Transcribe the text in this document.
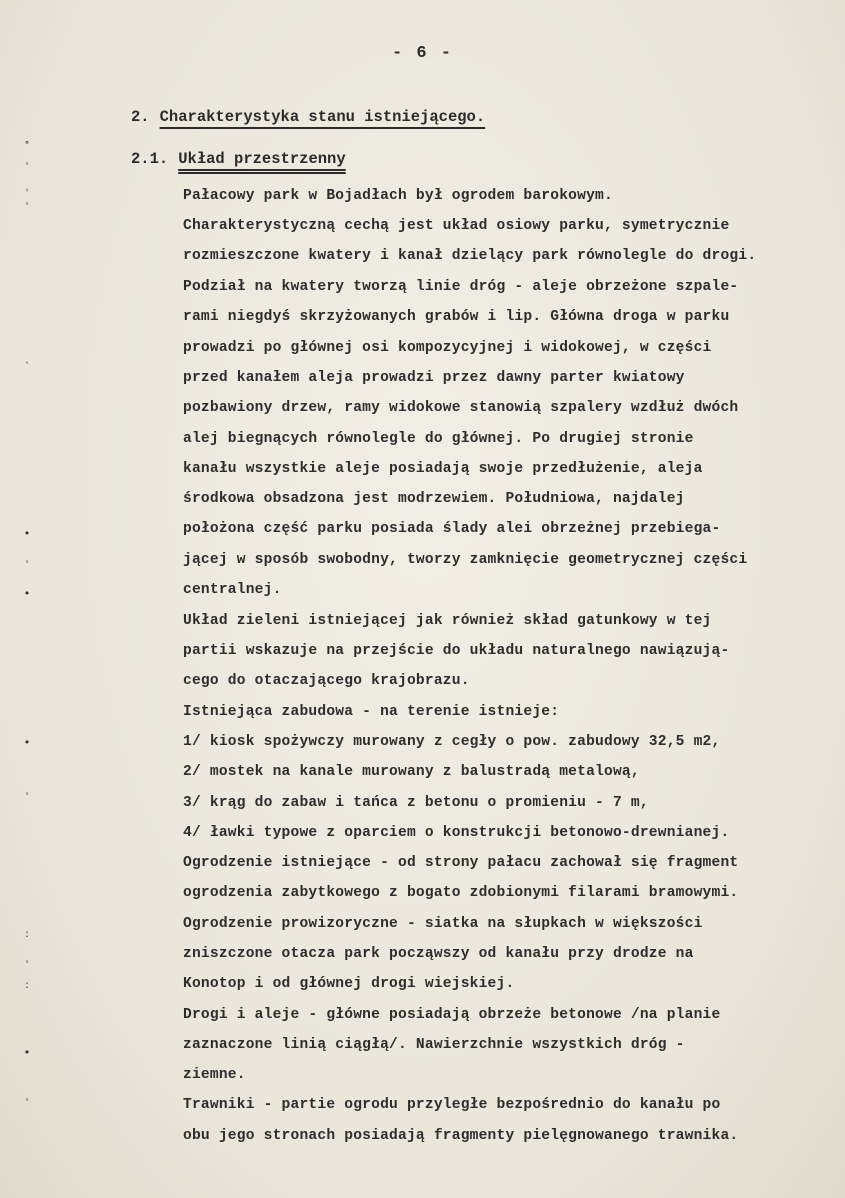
- 6 -
2. Charakterystyka stanu istniejącego.
2.1. Układ przestrzenny
Pałacowy park w Bojadłach był ogrodem barokowym.
Charakterystyczną cechą jest układ osiowy parku, symetrycznie
rozmieszczone kwatery i kanał dzielący park równolegle do drogi.
Podział na kwatery tworzą linie dróg - aleje obrzeżone szpale-
rami niegdyś skrzyżowanych grabów i lip. Główna droga w parku
prowadzi po głównej osi kompozycyjnej i widokowej, w części
przed kanałem aleja prowadzi przez dawny parter kwiatowy
pozbawiony drzew, ramy widokowe stanowią szpalery wzdłuż dwóch
alej biegnących równolegle do głównej. Po drugiej stronie
kanału wszystkie aleje posiadają swoje przedłużenie, aleja
środkowa obsadzona jest modrzewiem. Południowa, najdalej
położona część parku posiada ślady alei obrzeżnej przebiega-
jącej w sposób swobodny, tworzy zamknięcie geometrycznej części
centralnej.
Układ zieleni istniejącej jak również skład gatunkowy w tej
partii wskazuje na przejście do układu naturalnego nawiązują-
cego do otaczającego krajobrazu.
Istniejąca zabudowa - na terenie istnieje:
1/ kiosk spożywczy murowany z cegły o pow. zabudowy 32,5 m2,
2/ mostek na kanale murowany z balustradą metalową,
3/ krąg do zabaw i tańca z betonu o promieniu - 7 m,
4/ ławki typowe z oparciem o konstrukcji betonowo-drewnianej.
Ogrodzenie istniejące - od strony pałacu zachował się fragment
ogrodzenia zabytkowego z bogato zdobionymi filarami bramowymi.
Ogrodzenie prowizoryczne - siatka na słupkach w większości
zniszczone otacza park począwszy od kanału przy drodze na
Konotop i od głównej drogi wiejskiej.
Drogi i aleje - główne posiadają obrzeże betonowe /na planie
zaznaczone linią ciągłą/. Nawierzchnie wszystkich dróg -
ziemne.
Trawniki - partie ogrodu przyległe bezpośrednio do kanału po
obu jego stronach posiadają fragmenty pielęgnowanego trawnika.
˚
ˈ
ˌ
ˈ
˴
•
ˈ
•
•
ˈ
:
ˈ
:
•
ˈ
